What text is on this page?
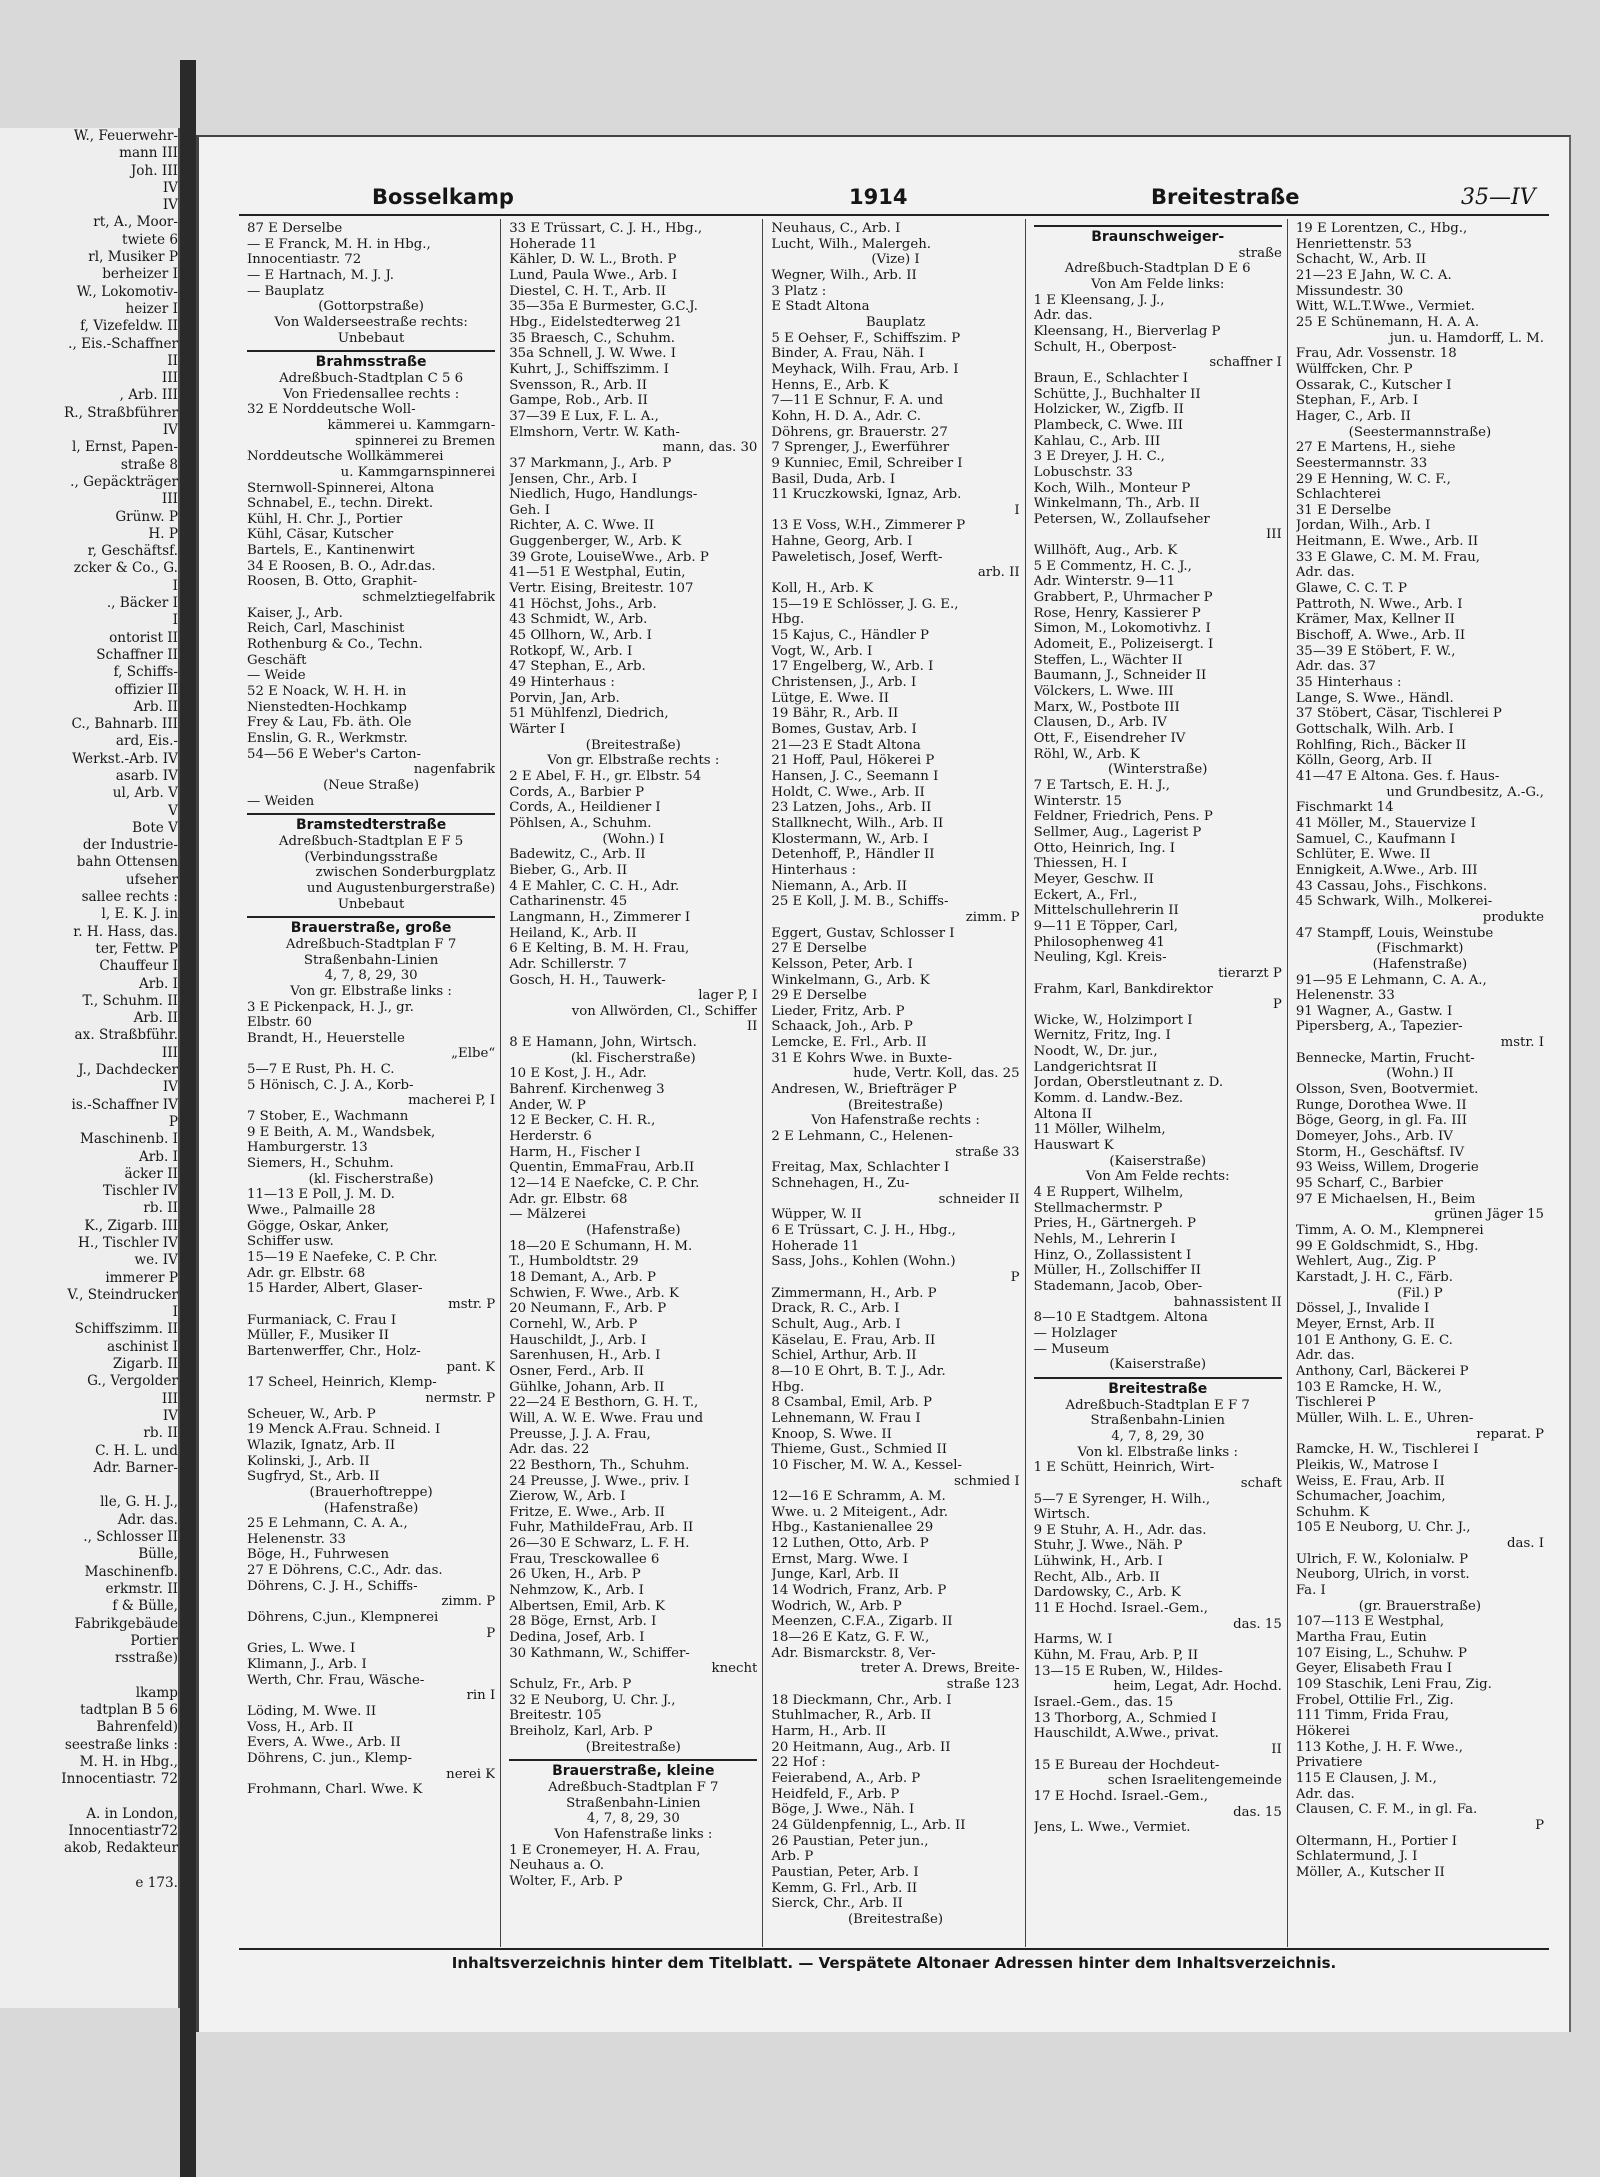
W., Feuerwehr-
mann III
Joh. III
IV
IV
rt, A., Moor-
twiete 6
rl, Musiker P
berheizer I
W., Lokomotiv-
heizer I
f, Vizefeldw. II
., Eis.-Schaffner
II
III
, Arb. III
R., Straßbführer
IV
l, Ernst, Papen-
straße 8
., Gepäckträger
III
Grünw. P
H. P
r, Geschäftsf.
zcker & Co., G.
I
., Bäcker I
I
ontorist II
Schaffner II
f, Schiffs-
offizier II
Arb. II
C., Bahnarb. III
ard, Eis.-
Werkst.-Arb. IV
asarb. IV
ul, Arb. V
V
Bote V
der Industrie-
bahn Ottensen
ufseher
sallee rechts :
l, E. K. J. in
r. H. Hass, das.
ter, Fettw. P
Chauffeur I
Arb. I
T., Schuhm. II
Arb. II
ax. Straßbführ.
III
J., Dachdecker
IV
is.-Schaffner IV
P
Maschinenb. I
Arb. I
äcker II
Tischler IV
rb. II
K., Zigarb. III
H., Tischler IV
we. IV
immerer P
V., Steindrucker
I
Schiffszimm. II
aschinist I
Zigarb. II
G., Vergolder
III
IV
rb. II
C. H. L. und
Adr. Barner-

lle, G. H. J.,
Adr. das.
., Schlosser II
Bülle,
Maschinenfb.
erkmstr. II
f & Bülle,
Fabrikgebäude
Portier
rsstraße)

lkamp
tadtplan B 5 6
Bahrenfeld)
seestraße links :
M. H. in Hbg.,
Innocentiastr. 72

A. in London,
Innocentiastr72
akob, Redakteur

e 173.
Bosselkamp	1914	Breitestraße	35—IV
87 E Derselbe
— E Franck, M. H. in Hbg.,
Innocentiastr. 72
— E Hartnach, M. J. J.
— Bauplatz
(Gottorpstraße)
Von Walderseestraße rechts:
Unbebaut
Brahmsstraße
Adreßbuch-Stadtplan C 5 6
Von Friedensallee rechts :
32 E Norddeutsche Woll-
kämmerei u. Kammgarn-
spinnerei zu Bremen
Norddeutsche Wollkämmerei
u. Kammgarnspinnerei
Sternwoll-Spinnerei, Altona
Schnabel, E., techn. Direkt.
Kühl, H. Chr. J., Portier
Kühl, Cäsar, Kutscher
Bartels, E., Kantinenwirt
34 E Roosen, B. O., Adr.das.
Roosen, B. Otto, Graphit-
schmelztiegelfabrik
Kaiser, J., Arb.
Reich, Carl, Maschinist
Rothenburg & Co., Techn.
Geschäft
— Weide
52 E Noack, W. H. H. in
Nienstedten-Hochkamp
Frey & Lau, Fb. äth. Öle
Enslin, G. R., Werkmstr.
54—56 E Weber's Carton-
nagenfabrik
(Neue Straße)
— Weiden
Bramstedterstraße
Adreßbuch-Stadtplan E F 5
(Verbindungsstraße
zwischen Sonderburgplatz
und Augustenburgerstraße)
Unbebaut
Brauerstraße, große
Adreßbuch-Stadtplan F 7
Straßenbahn-Linien
4, 7, 8, 29, 30
Von gr. Elbstraße links :
3 E Pickenpack, H. J., gr.
Elbstr. 60
Brandt, H., Heuerstelle
„Elbe“
5—7 E Rust, Ph. H. C.
5 Hönisch, C. J. A., Korb-
macherei P, I
7 Stober, E., Wachmann
9 E Beith, A. M., Wandsbek,
Hamburgerstr. 13
Siemers, H., Schuhm.
(kl. Fischerstraße)
11—13 E Poll, J. M. D.
Wwe., Palmaille 28
Gögge, Oskar, Anker,
Schiffer usw.
15—19 E Naefeke, C. P. Chr.
Adr. gr. Elbstr. 68
15 Harder, Albert, Glaser-
mstr. P
Furmaniack, C. Frau I
Müller, F., Musiker II
Bartenwerffer, Chr., Holz-
pant. K
17 Scheel, Heinrich, Klemp-
nermstr. P
Scheuer, W., Arb. P
19 Menck A.Frau. Schneid. I
Wlazik, Ignatz, Arb. II
Kolinski, J., Arb. II
Sugfryd, St., Arb. II
(Brauerhoftreppe)
(Hafenstraße)
25 E Lehmann, C. A. A.,
Helenenstr. 33
Böge, H., Fuhrwesen
27 E Döhrens, C.C., Adr. das.
Döhrens, C. J. H., Schiffs-
zimm. P
Döhrens, C.jun., Klempnerei
P
Gries, L. Wwe. I
Klimann, J., Arb. I
Werth, Chr. Frau, Wäsche-
rin I
Löding, M. Wwe. II
Voss, H., Arb. II
Evers, A. Wwe., Arb. II
Döhrens, C. jun., Klemp-
nerei K
Frohmann, Charl. Wwe. K
33 E Trüssart, C. J. H., Hbg.,
Hoherade 11
Kähler, D. W. L., Broth. P
Lund, Paula Wwe., Arb. I
Diestel, C. H. T., Arb. II
35—35a E Burmester, G.C.J.
Hbg., Eidelstedterweg 21
35 Braesch, C., Schuhm.
35a Schnell, J. W. Wwe. I
Kuhrt, J., Schiffszimm. I
Svensson, R., Arb. II
Gampe, Rob., Arb. II
37—39 E Lux, F. L. A.,
Elmshorn, Vertr. W. Kath-
mann, das. 30
37 Markmann, J., Arb. P
Jensen, Chr., Arb. I
Niedlich, Hugo, Handlungs-
Geh. I
Richter, A. C. Wwe. II
Guggenberger, W., Arb. K
39 Grote, LouiseWwe., Arb. P
41—51 E Westphal, Eutin,
Vertr. Eising, Breitestr. 107
41 Höchst, Johs., Arb.
43 Schmidt, W., Arb.
45 Ollhorn, W., Arb. I
Rotkopf, W., Arb. I
47 Stephan, E., Arb.
49 Hinterhaus :
Porvin, Jan, Arb.
51 Mühlfenzl, Diedrich,
Wärter I
(Breitestraße)
Von gr. Elbstraße rechts :
2 E Abel, F. H., gr. Elbstr. 54
Cords, A., Barbier P
Cords, A., Heildiener I
Pöhlsen, A., Schuhm.
(Wohn.) I
Badewitz, C., Arb. II
Bieber, G., Arb. II
4 E Mahler, C. C. H., Adr.
Catharinenstr. 45
Langmann, H., Zimmerer I
Heiland, K., Arb. II
6 E Kelting, B. M. H. Frau,
Adr. Schillerstr. 7
Gosch, H. H., Tauwerk-
lager P, I
von Allwörden, Cl., Schiffer
II
8 E Hamann, John, Wirtsch.
(kl. Fischerstraße)
10 E Kost, J. H., Adr.
Bahrenf. Kirchenweg 3
Ander, W. P
12 E Becker, C. H. R.,
Herderstr. 6
Harm, H., Fischer I
Quentin, EmmaFrau, Arb.II
12—14 E Naefcke, C. P. Chr.
Adr. gr. Elbstr. 68
— Mälzerei
(Hafenstraße)
18—20 E Schumann, H. M.
T., Humboldtstr. 29
18 Demant, A., Arb. P
Schwien, F. Wwe., Arb. K
20 Neumann, F., Arb. P
Cornehl, W., Arb. P
Hauschildt, J., Arb. I
Sarenhusen, H., Arb. I
Osner, Ferd., Arb. II
Gühlke, Johann, Arb. II
22—24 E Besthorn, G. H. T.,
Will, A. W. E. Wwe. Frau und
Preusse, J. J. A. Frau,
Adr. das. 22
22 Besthorn, Th., Schuhm.
24 Preusse, J. Wwe., priv. I
Zierow, W., Arb. I
Fritze, E. Wwe., Arb. II
Fuhr, MathildeFrau, Arb. II
26—30 E Schwarz, L. F. H.
Frau, Tresckowallee 6
26 Uken, H., Arb. P
Nehmzow, K., Arb. I
Albertsen, Emil, Arb. K
28 Böge, Ernst, Arb. I
Dedina, Josef, Arb. I
30 Kathmann, W., Schiffer-
knecht
Schulz, Fr., Arb. P
32 E Neuborg, U. Chr. J.,
Breitestr. 105
Breiholz, Karl, Arb. P
(Breitestraße)
Brauerstraße, kleine
Adreßbuch-Stadtplan F 7
Straßenbahn-Linien
4, 7, 8, 29, 30
Von Hafenstraße links :
1 E Cronemeyer, H. A. Frau,
Neuhaus a. O.
Wolter, F., Arb. P
Neuhaus, C., Arb. I
Lucht, Wilh., Malergeh.
(Vize) I
Wegner, Wilh., Arb. II
3 Platz :
E Stadt Altona
Bauplatz
5 E Oehser, F., Schiffszim. P
Binder, A. Frau, Näh. I
Meyhack, Wilh. Frau, Arb. I
Henns, E., Arb. K
7—11 E Schnur, F. A. und
Kohn, H. D. A., Adr. C.
Döhrens, gr. Brauerstr. 27
7 Sprenger, J., Ewerführer
9 Kunniec, Emil, Schreiber I
Basil, Duda, Arb. I
11 Kruczkowski, Ignaz, Arb.
I
13 E Voss, W.H., Zimmerer P
Hahne, Georg, Arb. I
Paweletisch, Josef, Werft-
arb. II
Koll, H., Arb. K
15—19 E Schlösser, J. G. E.,
Hbg.
15 Kajus, C., Händler P
Vogt, W., Arb. I
17 Engelberg, W., Arb. I
Christensen, J., Arb. I
Lütge, E. Wwe. II
19 Bähr, R., Arb. II
Bomes, Gustav, Arb. I
21—23 E Stadt Altona
21 Hoff, Paul, Hökerei P
Hansen, J. C., Seemann I
Holdt, C. Wwe., Arb. II
23 Latzen, Johs., Arb. II
Stallknecht, Wilh., Arb. II
Klostermann, W., Arb. I
Detenhoff, P., Händler II
Hinterhaus :
Niemann, A., Arb. II
25 E Koll, J. M. B., Schiffs-
zimm. P
Eggert, Gustav, Schlosser I
27 E Derselbe
Kelsson, Peter, Arb. I
Winkelmann, G., Arb. K
29 E Derselbe
Lieder, Fritz, Arb. P
Schaack, Joh., Arb. P
Lemcke, E. Frl., Arb. II
31 E Kohrs Wwe. in Buxte-
hude, Vertr. Koll, das. 25
Andresen, W., Briefträger P
(Breitestraße)
Von Hafenstraße rechts :
2 E Lehmann, C., Helenen-
straße 33
Freitag, Max, Schlachter I
Schnehagen, H., Zu-
schneider II
Wüpper, W. II
6 E Trüssart, C. J. H., Hbg.,
Hoherade 11
Sass, Johs., Kohlen (Wohn.)
P
Zimmermann, H., Arb. P
Drack, R. C., Arb. I
Schult, Aug., Arb. I
Käselau, E. Frau, Arb. II
Schiel, Arthur, Arb. II
8—10 E Ohrt, B. T. J., Adr.
Hbg.
8 Csambal, Emil, Arb. P
Lehnemann, W. Frau I
Knoop, S. Wwe. II
Thieme, Gust., Schmied II
10 Fischer, M. W. A., Kessel-
schmied I
12—16 E Schramm, A. M.
Wwe. u. 2 Miteigent., Adr.
Hbg., Kastanienallee 29
12 Luthen, Otto, Arb. P
Ernst, Marg. Wwe. I
Junge, Karl, Arb. II
14 Wodrich, Franz, Arb. P
Wodrich, W., Arb. P
Meenzen, C.F.A., Zigarb. II
18—26 E Katz, G. F. W.,
Adr. Bismarckstr. 8, Ver-
treter A. Drews, Breite-
straße 123
18 Dieckmann, Chr., Arb. I
Stuhlmacher, R., Arb. II
Harm, H., Arb. II
20 Heitmann, Aug., Arb. II
22 Hof :
Feierabend, A., Arb. P
Heidfeld, F., Arb. P
Böge, J. Wwe., Näh. I
24 Güldenpfennig, L., Arb. II
26 Paustian, Peter jun.,
Arb. P
Paustian, Peter, Arb. I
Kemm, G. Frl., Arb. II
Sierck, Chr., Arb. II
(Breitestraße)
Braunschweiger-
straße
Adreßbuch-Stadtplan D E 6
Von Am Felde links:
1 E Kleensang, J. J.,
Adr. das.
Kleensang, H., Bierverlag P
Schult, H., Oberpost-
schaffner I
Braun, E., Schlachter I
Schütte, J., Buchhalter II
Holzicker, W., Zigfb. II
Plambeck, C. Wwe. III
Kahlau, C., Arb. III
3 E Dreyer, J. H. C.,
Lobuschstr. 33
Koch, Wilh., Monteur P
Winkelmann, Th., Arb. II
Petersen, W., Zollaufseher
III
Willhöft, Aug., Arb. K
5 E Commentz, H. C. J.,
Adr. Winterstr. 9—11
Grabbert, P., Uhrmacher P
Rose, Henry, Kassierer P
Simon, M., Lokomotivhz. I
Adomeit, E., Polizeisergt. I
Steffen, L., Wächter II
Baumann, J., Schneider II
Völckers, L. Wwe. III
Marx, W., Postbote III
Clausen, D., Arb. IV
Ott, F., Eisendreher IV
Röhl, W., Arb. K
(Winterstraße)
7 E Tartsch, E. H. J.,
Winterstr. 15
Feldner, Friedrich, Pens. P
Sellmer, Aug., Lagerist P
Otto, Heinrich, Ing. I
Thiessen, H. I
Meyer, Geschw. II
Eckert, A., Frl.,
Mittelschullehrerin II
9—11 E Töpper, Carl,
Philosophenweg 41
Neuling, Kgl. Kreis-
tierarzt P
Frahm, Karl, Bankdirektor
P
Wicke, W., Holzimport I
Wernitz, Fritz, Ing. I
Noodt, W., Dr. jur.,
Landgerichtsrat II
Jordan, Oberstleutnant z. D.
Komm. d. Landw.-Bez.
Altona II
11 Möller, Wilhelm,
Hauswart K
(Kaiserstraße)
Von Am Felde rechts:
4 E Ruppert, Wilhelm,
Stellmachermstr. P
Pries, H., Gärtnergeh. P
Nehls, M., Lehrerin I
Hinz, O., Zollassistent I
Müller, H., Zollschiffer II
Stademann, Jacob, Ober-
bahnassistent II
8—10 E Stadtgem. Altona
— Holzlager
— Museum
(Kaiserstraße)
Breitestraße
Adreßbuch-Stadtplan E F 7
Straßenbahn-Linien
4, 7, 8, 29, 30
Von kl. Elbstraße links :
1 E Schütt, Heinrich, Wirt-
schaft
5—7 E Syrenger, H. Wilh.,
Wirtsch.
9 E Stuhr, A. H., Adr. das.
Stuhr, J. Wwe., Näh. P
Lühwink, H., Arb. I
Recht, Alb., Arb. II
Dardowsky, C., Arb. K
11 E Hochd. Israel.-Gem.,
das. 15
Harms, W. I
Kühn, M. Frau, Arb. P, II
13—15 E Ruben, W., Hildes-
heim, Legat, Adr. Hochd.
Israel.-Gem., das. 15
13 Thorborg, A., Schmied I
Hauschildt, A.Wwe., privat.
II
15 E Bureau der Hochdeut-
schen Israelitengemeinde
17 E Hochd. Israel.-Gem.,
das. 15
Jens, L. Wwe., Vermiet.
19 E Lorentzen, C., Hbg.,
Henriettenstr. 53
Schacht, W., Arb. II
21—23 E Jahn, W. C. A.
Missundestr. 30
Witt, W.L.T.Wwe., Vermiet.
25 E Schünemann, H. A. A.
jun. u. Hamdorff, L. M.
Frau, Adr. Vossenstr. 18
Wülffcken, Chr. P
Ossarak, C., Kutscher I
Stephan, F., Arb. I
Hager, C., Arb. II
(Seestermannstraße)
27 E Martens, H., siehe
Seestermannstr. 33
29 E Henning, W. C. F.,
Schlachterei
31 E Derselbe
Jordan, Wilh., Arb. I
Heitmann, E. Wwe., Arb. II
33 E Glawe, C. M. M. Frau,
Adr. das.
Glawe, C. C. T. P
Pattroth, N. Wwe., Arb. I
Krämer, Max, Kellner II
Bischoff, A. Wwe., Arb. II
35—39 E Stöbert, F. W.,
Adr. das. 37
35 Hinterhaus :
Lange, S. Wwe., Händl.
37 Stöbert, Cäsar, Tischlerei P
Gottschalk, Wilh. Arb. I
Rohlfing, Rich., Bäcker II
Kölln, Georg, Arb. II
41—47 E Altona. Ges. f. Haus-
und Grundbesitz, A.-G.,
Fischmarkt 14
41 Möller, M., Stauervize I
Samuel, C., Kaufmann I
Schlüter, E. Wwe. II
Ennigkeit, A.Wwe., Arb. III
43 Cassau, Johs., Fischkons.
45 Schwark, Wilh., Molkerei-
produkte
47 Stampff, Louis, Weinstube
(Fischmarkt)
(Hafenstraße)
91—95 E Lehmann, C. A. A.,
Helenenstr. 33
91 Wagner, A., Gastw. I
Pipersberg, A., Tapezier-
mstr. I
Bennecke, Martin, Frucht-
(Wohn.) II
Olsson, Sven, Bootvermiet.
Runge, Dorothea Wwe. II
Böge, Georg, in gl. Fa. III
Domeyer, Johs., Arb. IV
Storm, H., Geschäftsf. IV
93 Weiss, Willem, Drogerie
95 Scharf, C., Barbier
97 E Michaelsen, H., Beim
grünen Jäger 15
Timm, A. O. M., Klempnerei
99 E Goldschmidt, S., Hbg.
Wehlert, Aug., Zig. P
Karstadt, J. H. C., Färb.
(Fil.) P
Dössel, J., Invalide I
Meyer, Ernst, Arb. II
101 E Anthony, G. E. C.
Adr. das.
Anthony, Carl, Bäckerei P
103 E Ramcke, H. W.,
Tischlerei P
Müller, Wilh. L. E., Uhren-
reparat. P
Ramcke, H. W., Tischlerei I
Pleikis, W., Matrose I
Weiss, E. Frau, Arb. II
Schumacher, Joachim,
Schuhm. K
105 E Neuborg, U. Chr. J.,
das. I
Ulrich, F. W., Kolonialw. P
Neuborg, Ulrich, in vorst.
Fa. I
(gr. Brauerstraße)
107—113 E Westphal,
Martha Frau, Eutin
107 Eising, L., Schuhw. P
Geyer, Elisabeth Frau I
109 Staschik, Leni Frau, Zig.
Frobel, Ottilie Frl., Zig.
111 Timm, Frida Frau,
Hökerei
113 Kothe, J. H. F. Wwe.,
Privatiere
115 E Clausen, J. M.,
Adr. das.
Clausen, C. F. M., in gl. Fa.
P
Oltermann, H., Portier I
Schlatermund, J. I
Möller, A., Kutscher II
Inhaltsverzeichnis hinter dem Titelblatt. — Verspätete Altonaer Adressen hinter dem Inhaltsverzeichnis.
